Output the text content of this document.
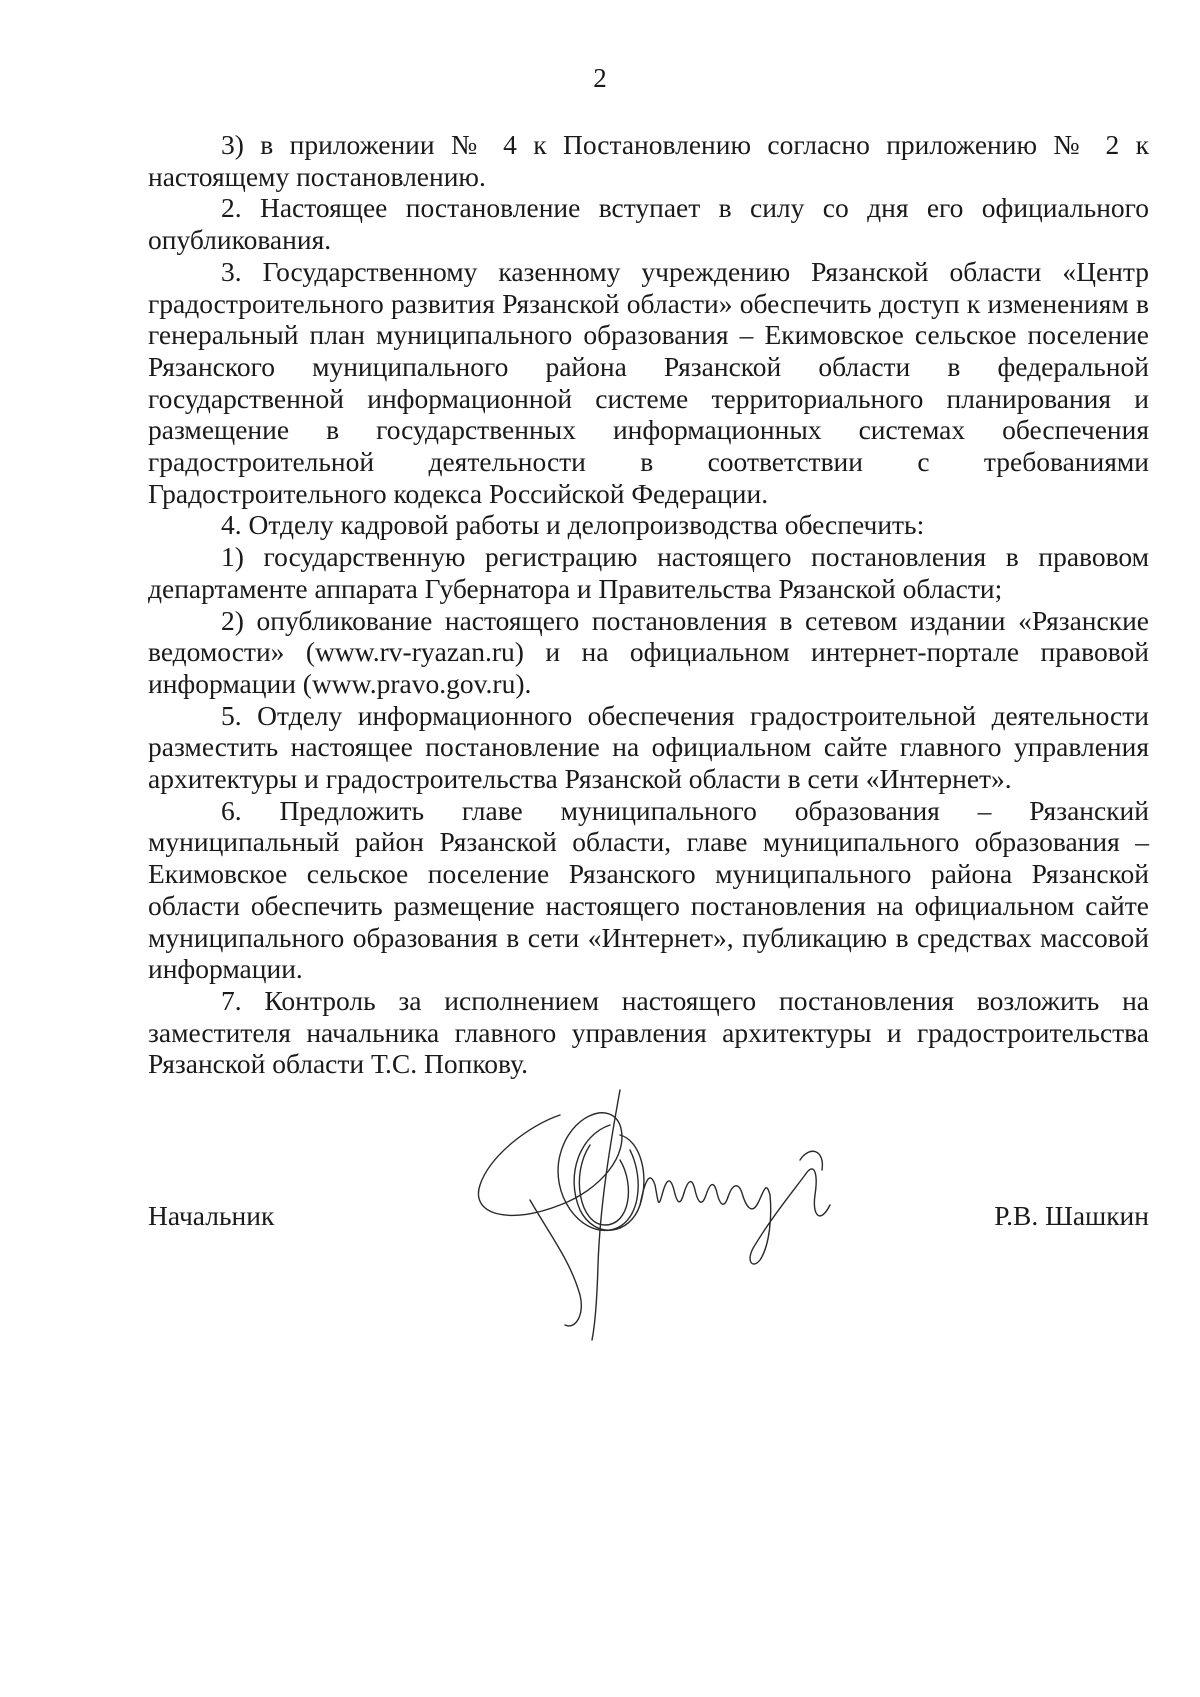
2

3) в приложении № 4 к Постановлению согласно приложению № 2 к настоящему постановлению.

2. Настоящее постановление вступает в силу со дня его официального опубликования.

3. Государственному казенному учреждению Рязанской области «Центр градостроительного развития Рязанской области» обеспечить доступ к изменениям в генеральный план муниципального образования – Екимовское сельское поселение Рязанского муниципального района Рязанской области в федеральной государственной информационной системе территориального планирования и размещение в государственных информационных системах обеспечения градостроительной деятельности в соответствии с требованиями Градостроительного кодекса Российской Федерации.

4. Отделу кадровой работы и делопроизводства обеспечить:

1) государственную регистрацию настоящего постановления в правовом департаменте аппарата Губернатора и Правительства Рязанской области;

2) опубликование настоящего постановления в сетевом издании «Рязанские ведомости» (www.rv-ryazan.ru) и на официальном интернет-портале правовой информации (www.pravo.gov.ru).

5. Отделу информационного обеспечения градостроительной деятельности разместить настоящее постановление на официальном сайте главного управления архитектуры и градостроительства Рязанской области в сети «Интернет».

6. Предложить главе муниципального образования – Рязанский муниципальный район Рязанской области, главе муниципального образования – Екимовское сельское поселение Рязанского муниципального района Рязанской области обеспечить размещение настоящего постановления на официальном сайте муниципального образования в сети «Интернет», публикацию в средствах массовой информации.

7. Контроль за исполнением настоящего постановления возложить на заместителя начальника главного управления архитектуры и градостроительства Рязанской области Т.С. Попкову.

Начальник	Р.В. Шашкин
